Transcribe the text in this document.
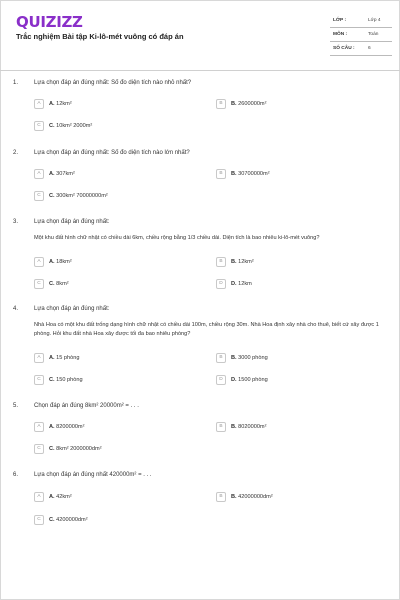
QUIZIZZ
Trắc nghiệm Bài tập Ki-lô-mét vuông có đáp án
LỚP :	Lớp 4
MÔN :	Toán
SỐ CÂU :	6
1.	Lựa chọn đáp án đúng nhất: Số đo diện tích nào nhỏ nhất?
A	A. 12km²	B	B. 2600000m²
C	C. 10km² 2000m²
2.	Lựa chọn đáp án đúng nhất: Số đo diện tích nào lớn nhất?
A	A. 307km²	B	B. 30700000m²
C	C. 300km² 70000000m²
3.	Lựa chọn đáp án đúng nhất:
Một khu đất hình chữ nhật có chiều dài 6km, chiều rộng bằng 1/3 chiều dài. Diện tích là bao nhiêu ki-lô-mét vuông?
A	A. 18km²	B	B. 12km²
C	C. 8km²	D	D. 12km
4.	Lựa chọn đáp án đúng nhất:
Nhà Hoa có một khu đất trống dạng hình chữ nhật có chiều dài 100m, chiều rộng 30m. Nhà Hoa định xây nhà cho thuê, biết cứ xây được 1 phòng. Hỏi khu đất nhà Hoa xây được tối đa bao nhiêu phòng?
A	A. 15 phòng	B	B. 3000 phòng
C	C. 150 phòng	D	D. 1500 phòng
5.	Chọn đáp án đúng 8km² 20000m² = . . .
A	A. 8200000m²	B	B. 8020000m²
C	C. 8km² 2000000dm²
6.	Lựa chọn đáp án đúng nhất 420000m² = . . .
A	A. 42km²	B	B. 42000000dm²
C	C. 4200000dm²
